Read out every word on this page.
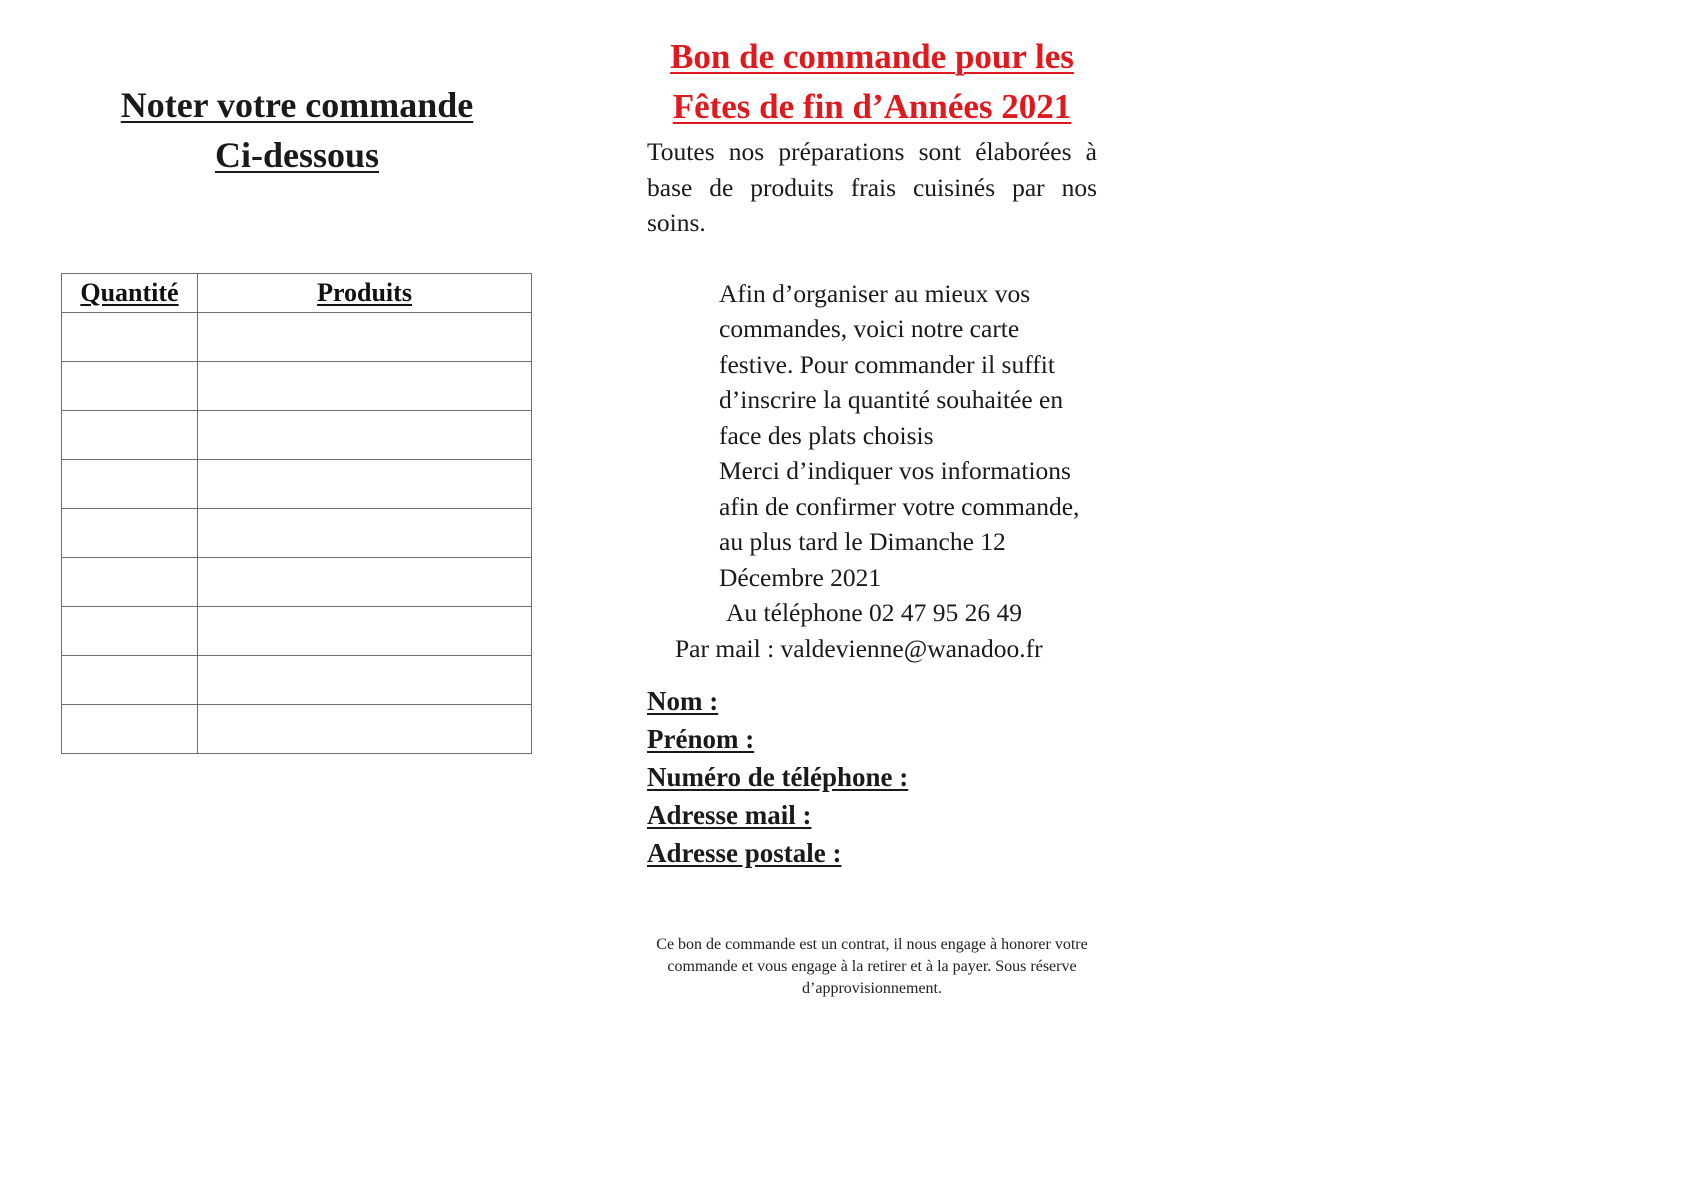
Noter votre commande
Ci-dessous
Quantité	Produits

Bon de commande pour les
Fêtes de fin d’Années 2021
Toutes nos préparations sont élaborées à base de produits frais cuisinés par nos soins.
Afin d’organiser au mieux vos commandes, voici notre carte festive. Pour commander il suffit d’inscrire la quantité souhaitée en face des plats choisis
Merci d’indiquer vos informations afin de confirmer votre commande, au plus tard le Dimanche 12 Décembre 2021
Au téléphone 02 47 95 26 49
Par mail : valdevienne@wanadoo.fr
Nom :
Prénom :
Numéro de téléphone :
Adresse mail :
Adresse postale :
Ce bon de commande est un contrat, il nous engage à honorer votre commande et vous engage à la retirer et à la payer. Sous réserve d’approvisionnement.
